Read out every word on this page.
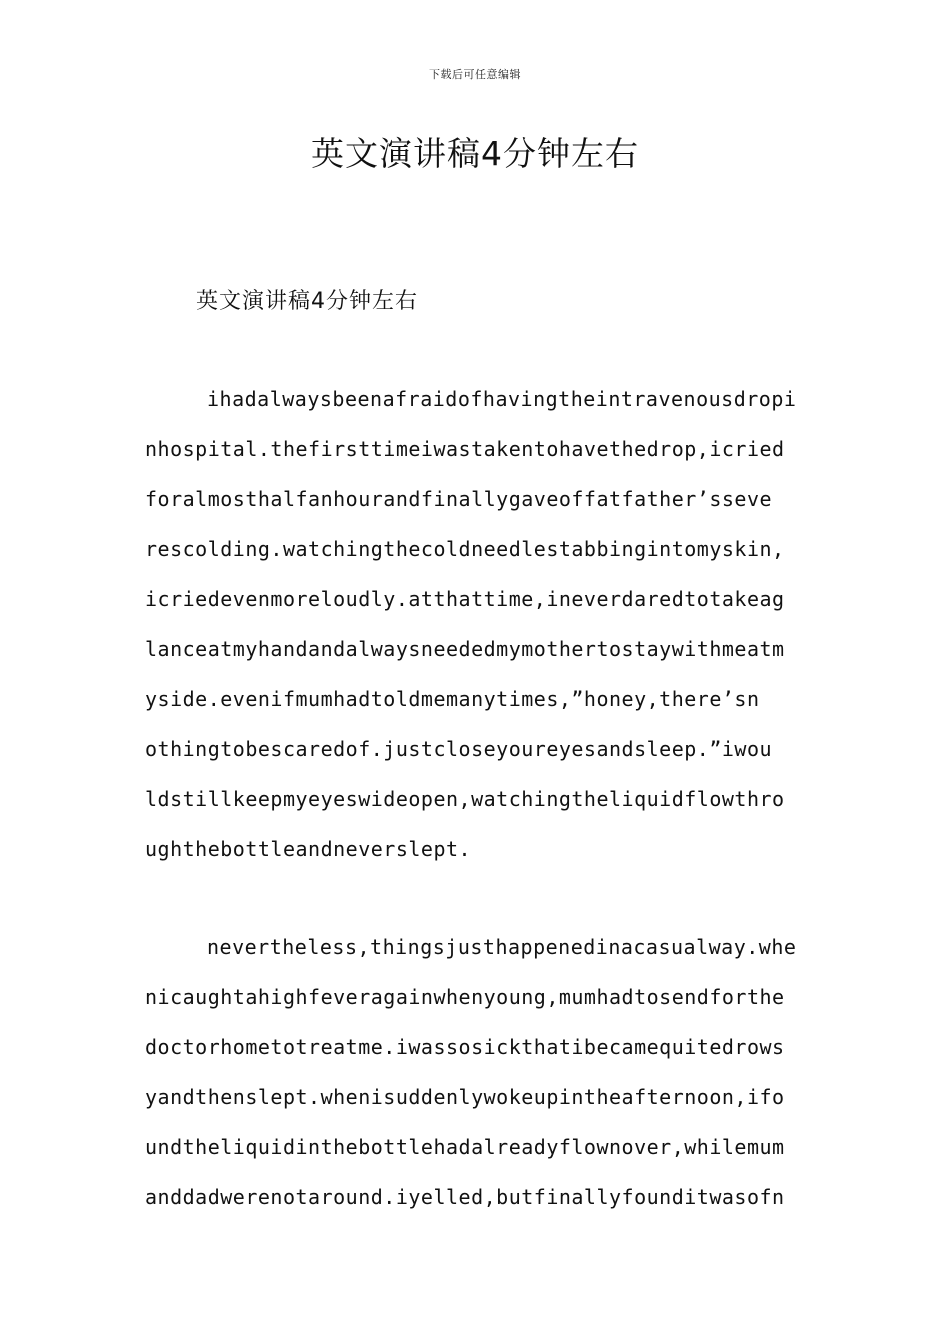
下载后可任意编辑
英文演讲稿4分钟左右
英文演讲稿4分钟左右
ihadalwaysbeenafraidofhavingtheintravenousdropi
nhospital.thefirsttimeiwastakentohavethedrop,icried
foralmosthalfanhourandfinallygaveoffatfather’sseve
rescolding.watchingthecoldneedlestabbingintomyskin,
icriedevenmoreloudly.atthattime,ineverdaredtotakeag
lanceatmyhandandalwaysneededmymothertostaywithmeatm
yside.evenifmumhadtoldmemanytimes,”honey,there’sn
othingtobescaredof.justcloseyoureyesandsleep.”iwou
ldstillkeepmyeyeswideopen,watchingtheliquidflowthro
ughthebottleandneverslept.
nevertheless,thingsjusthappenedinacasualway.whe
nicaughtahighfeveragainwhenyoung,mumhadtosendforthe
doctorhometotreatme.iwassosickthatibecamequitedrows
yandthenslept.whenisuddenlywokeupintheafternoon,ifo
undtheliquidinthebottlehadalreadyflownover,whilemum
anddadwerenotaround.iyelled,butfinallyfounditwasofn
